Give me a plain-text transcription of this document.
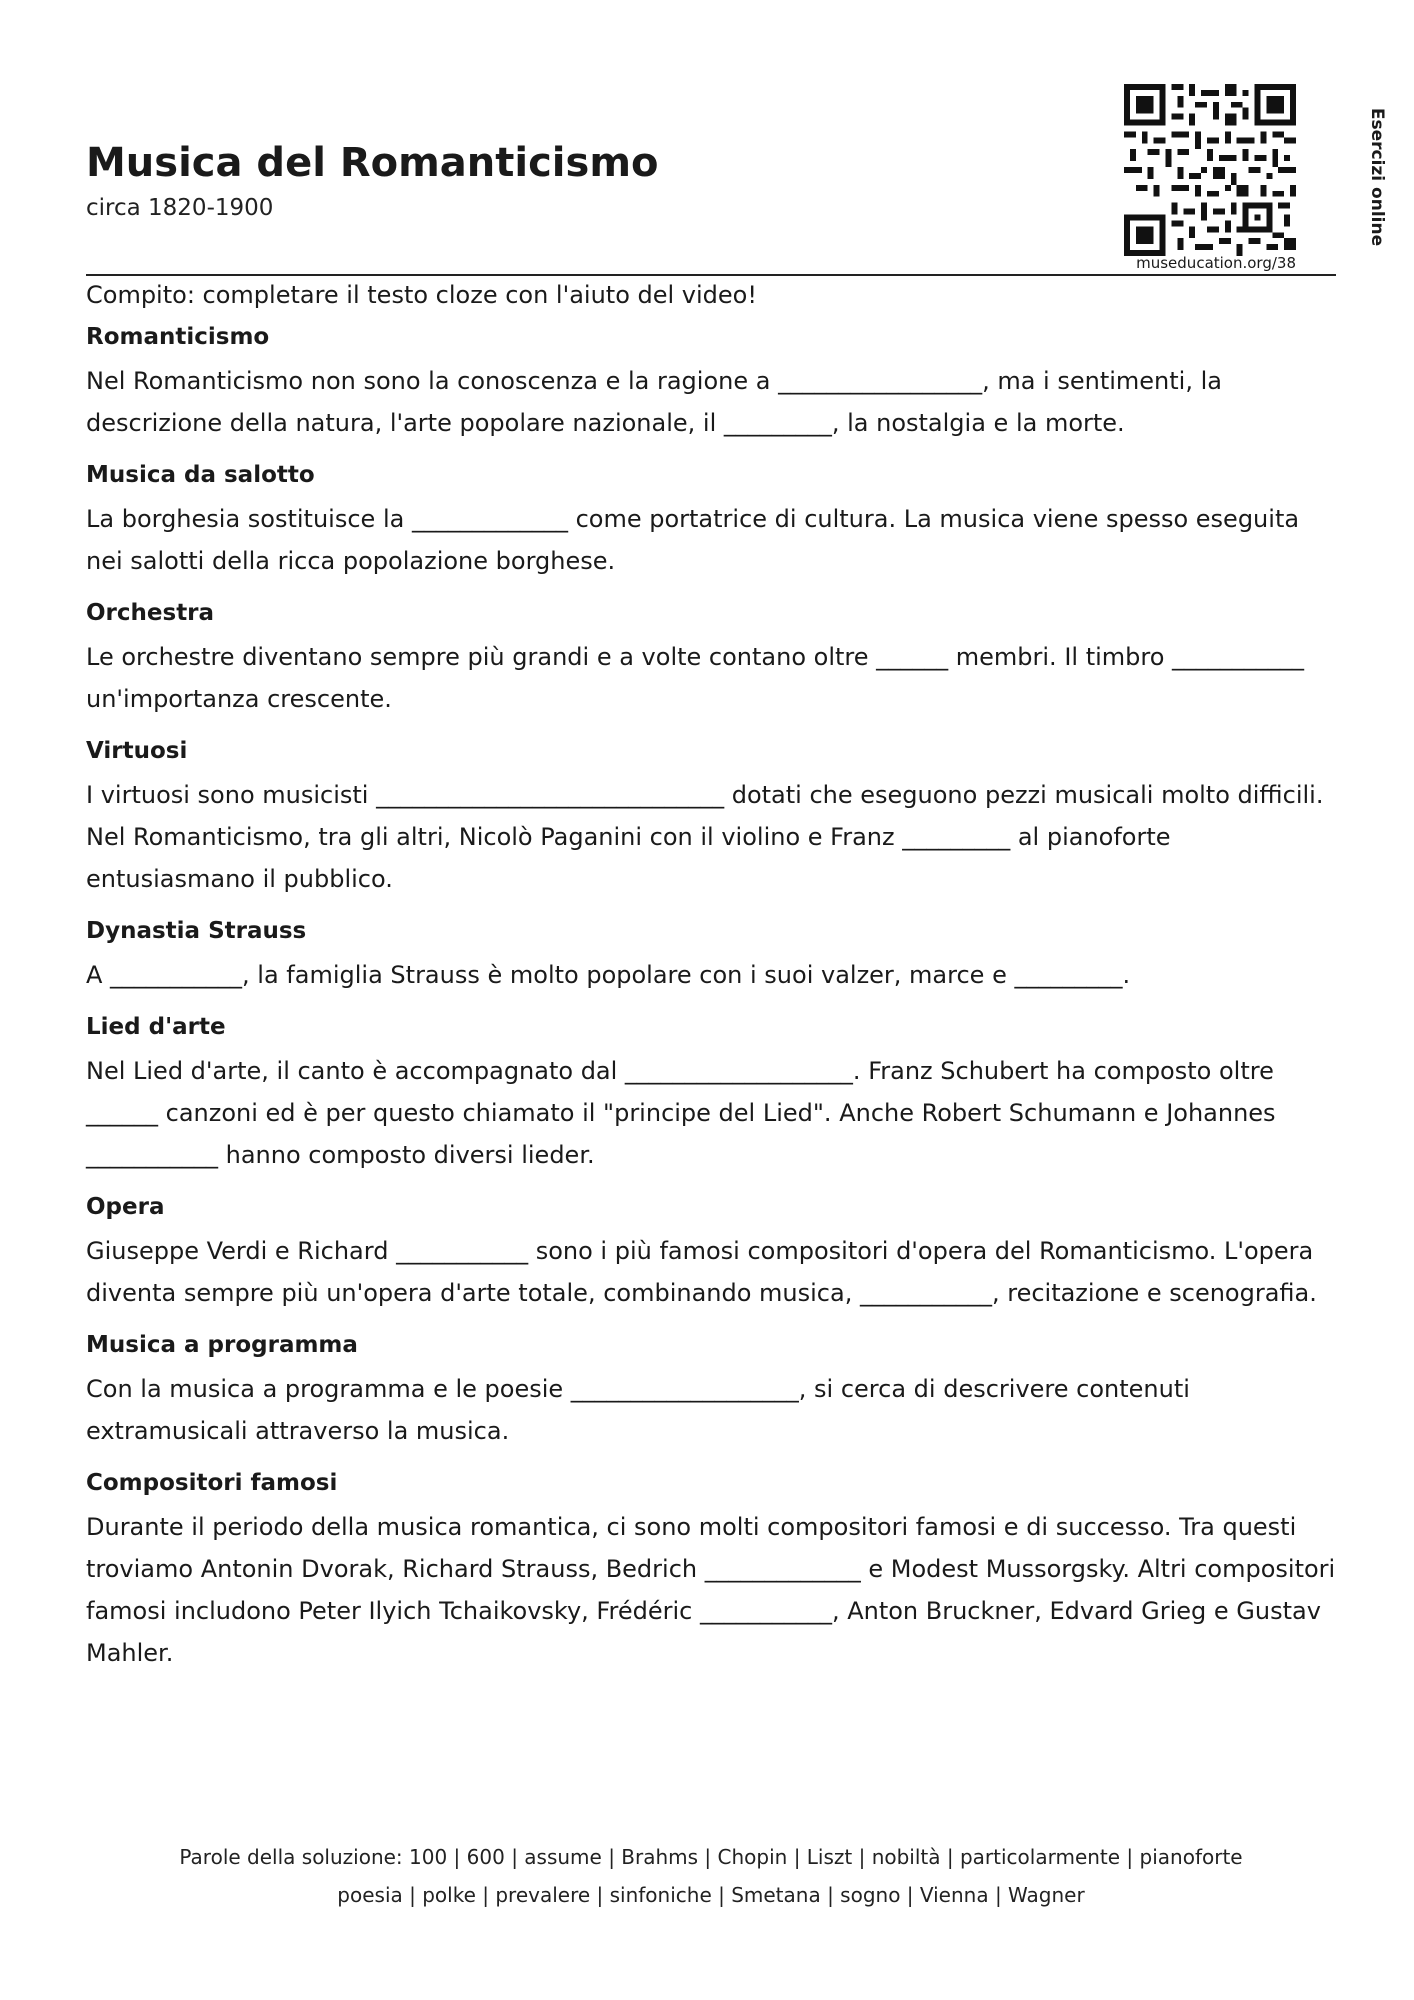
Musica del Romanticismo
circa 1820-1900	Esercizi online
museducation.org/38

Compito: completare il testo cloze con l'aiuto del video!

Romanticismo

Nel Romanticismo non sono la conoscenza e la ragione a _________________, ma i sentimenti, la descrizione della natura, l'arte popolare nazionale, il _________, la nostalgia e la morte.

Musica da salotto

La borghesia sostituisce la _____________ come portatrice di cultura. La musica viene spesso eseguita nei salotti della ricca popolazione borghese.

Orchestra

Le orchestre diventano sempre più grandi e a volte contano oltre ______ membri. Il timbro ___________ un'importanza crescente.

Virtuosi

I virtuosi sono musicisti _____________________________ dotati che eseguono pezzi musicali molto difficili. Nel Romanticismo, tra gli altri, Nicolò Paganini con il violino e Franz _________ al pianoforte entusiasmano il pubblico.

Dynastia Strauss

A ___________, la famiglia Strauss è molto popolare con i suoi valzer, marce e _________.

Lied d'arte

Nel Lied d'arte, il canto è accompagnato dal ___________________. Franz Schubert ha composto oltre ______ canzoni ed è per questo chiamato il "principe del Lied". Anche Robert Schumann e Johannes ___________ hanno composto diversi lieder.

Opera

Giuseppe Verdi e Richard ___________ sono i più famosi compositori d'opera del Romanticismo. L'opera diventa sempre più un'opera d'arte totale, combinando musica, ___________, recitazione e scenografia.

Musica a programma

Con la musica a programma e le poesie ___________________, si cerca di descrivere contenuti extramusicali attraverso la musica.

Compositori famosi

Durante il periodo della musica romantica, ci sono molti compositori famosi e di successo. Tra questi troviamo Antonin Dvorak, Richard Strauss, Bedrich _____________ e Modest Mussorgsky. Altri compositori famosi includono Peter Ilyich Tchaikovsky, Frédéric ___________, Anton Bruckner, Edvard Grieg e Gustav Mahler.

Parole della soluzione: 100 | 600 | assume | Brahms | Chopin | Liszt | nobiltà | particolarmente | pianoforte
poesia | polke | prevalere | sinfoniche | Smetana | sogno | Vienna | Wagner
